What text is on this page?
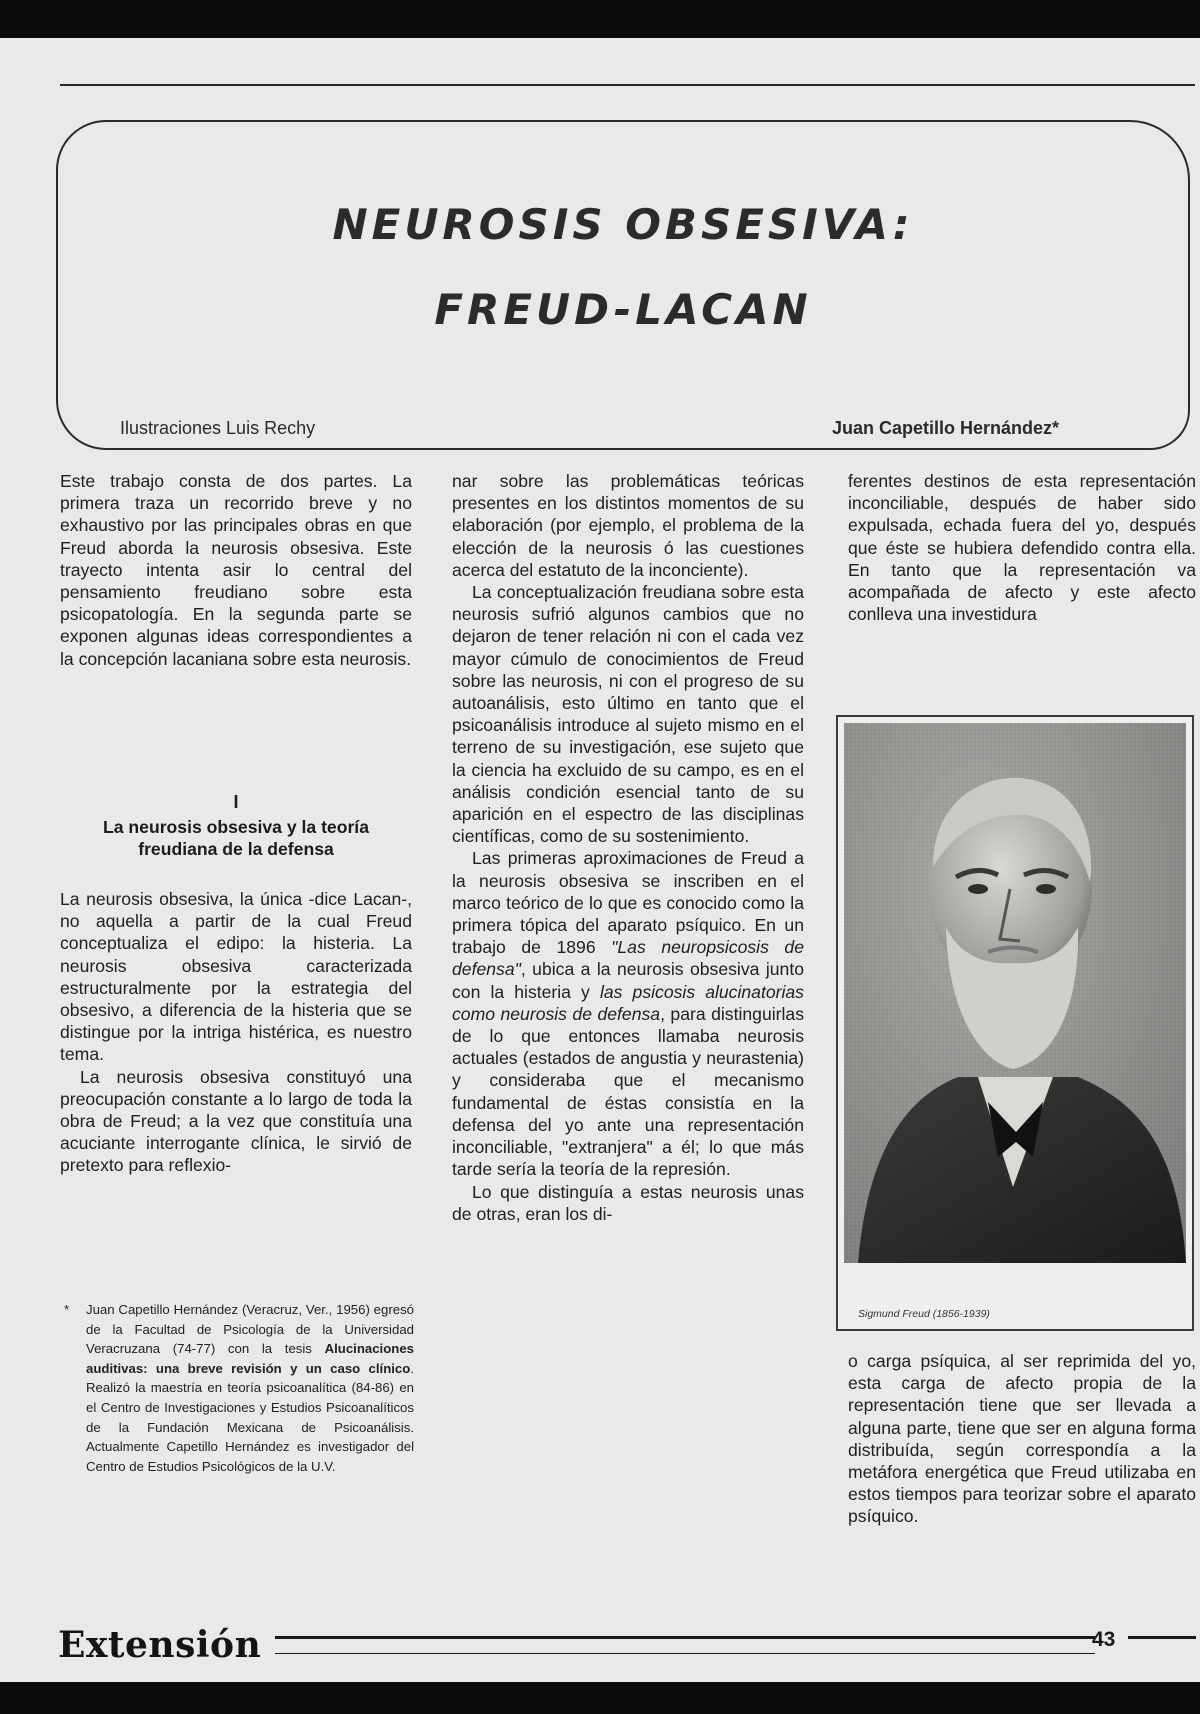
NEUROSIS OBSESIVA:
FREUD-LACAN

Ilustraciones Luis Rechy	Juan Capetillo Hernández*

Este trabajo consta de dos partes. La primera traza un recorrido breve y no exhaustivo por las principales obras en que Freud aborda la neurosis obsesiva. Este trayecto intenta asir lo central del pensamiento freudiano sobre esta psicopatología. En la segunda parte se exponen algunas ideas correspondientes a la concepción lacaniana sobre esta neurosis.

I

La neurosis obsesiva y la teoría
freudiana de la defensa

La neurosis obsesiva, la única -dice Lacan-, no aquella a partir de la cual Freud conceptualiza el edipo: la histeria. La neurosis obsesiva caracterizada estructuralmente por la estrategia del obsesivo, a diferencia de la histeria que se distingue por la intriga histérica, es nuestro tema.

La neurosis obsesiva constituyó una preocupación constante a lo largo de toda la obra de Freud; a la vez que constituía una acuciante interrogante clínica, le sirvió de pretexto para reflexio-

* Juan Capetillo Hernández (Veracruz, Ver., 1956) egresó de la Facultad de Psicología de la Universidad Veracruzana (74-77) con la tesis Alucinaciones auditivas: una breve revisión y un caso clínico. Realizó la maestría en teoría psicoanalítica (84-86) en el Centro de Investigaciones y Estudios Psicoanalíticos de la Fundación Mexicana de Psicoanálisis. Actualmente Capetillo Hernández es investigador del Centro de Estudios Psicológicos de la U.V.

nar sobre las problemáticas teóricas presentes en los distintos momentos de su elaboración (por ejemplo, el problema de la elección de la neurosis ó las cuestiones acerca del estatuto de la inconciente).

La conceptualización freudiana sobre esta neurosis sufrió algunos cambios que no dejaron de tener relación ni con el cada vez mayor cúmulo de conocimientos de Freud sobre las neurosis, ni con el progreso de su autoanálisis, esto último en tanto que el psicoanálisis introduce al sujeto mismo en el terreno de su investigación, ese sujeto que la ciencia ha excluido de su campo, es en el análisis condición esencial tanto de su aparición en el espectro de las disciplinas científicas, como de su sostenimiento.

Las primeras aproximaciones de Freud a la neurosis obsesiva se inscriben en el marco teórico de lo que es conocido como la primera tópica del aparato psíquico. En un trabajo de 1896 "Las neuropsicosis de defensa", ubica a la neurosis obsesiva junto con la histeria y las psicosis alucinatorias como neurosis de defensa, para distinguirlas de lo que entonces llamaba neurosis actuales (estados de angustia y neurastenia) y consideraba que el mecanismo fundamental de éstas consistía en la defensa del yo ante una representación inconciliable, "extranjera" a él; lo que más tarde sería la teoría de la represión.

Lo que distinguía a estas neurosis unas de otras, eran los di-

ferentes destinos de esta representación inconciliable, después de haber sido expulsada, echada fuera del yo, después que éste se hubiera defendido contra ella. En tanto que la representación va acompañada de afecto y este afecto conlleva una investidura

Sigmund Freud (1856-1939)

o carga psíquica, al ser reprimida del yo, esta carga de afecto propia de la representación tiene que ser llevada a alguna parte, tiene que ser en alguna forma distribuída, según correspondía a la metáfora energética que Freud utilizaba en estos tiempos para teorizar sobre el aparato psíquico.

Extensión	43
